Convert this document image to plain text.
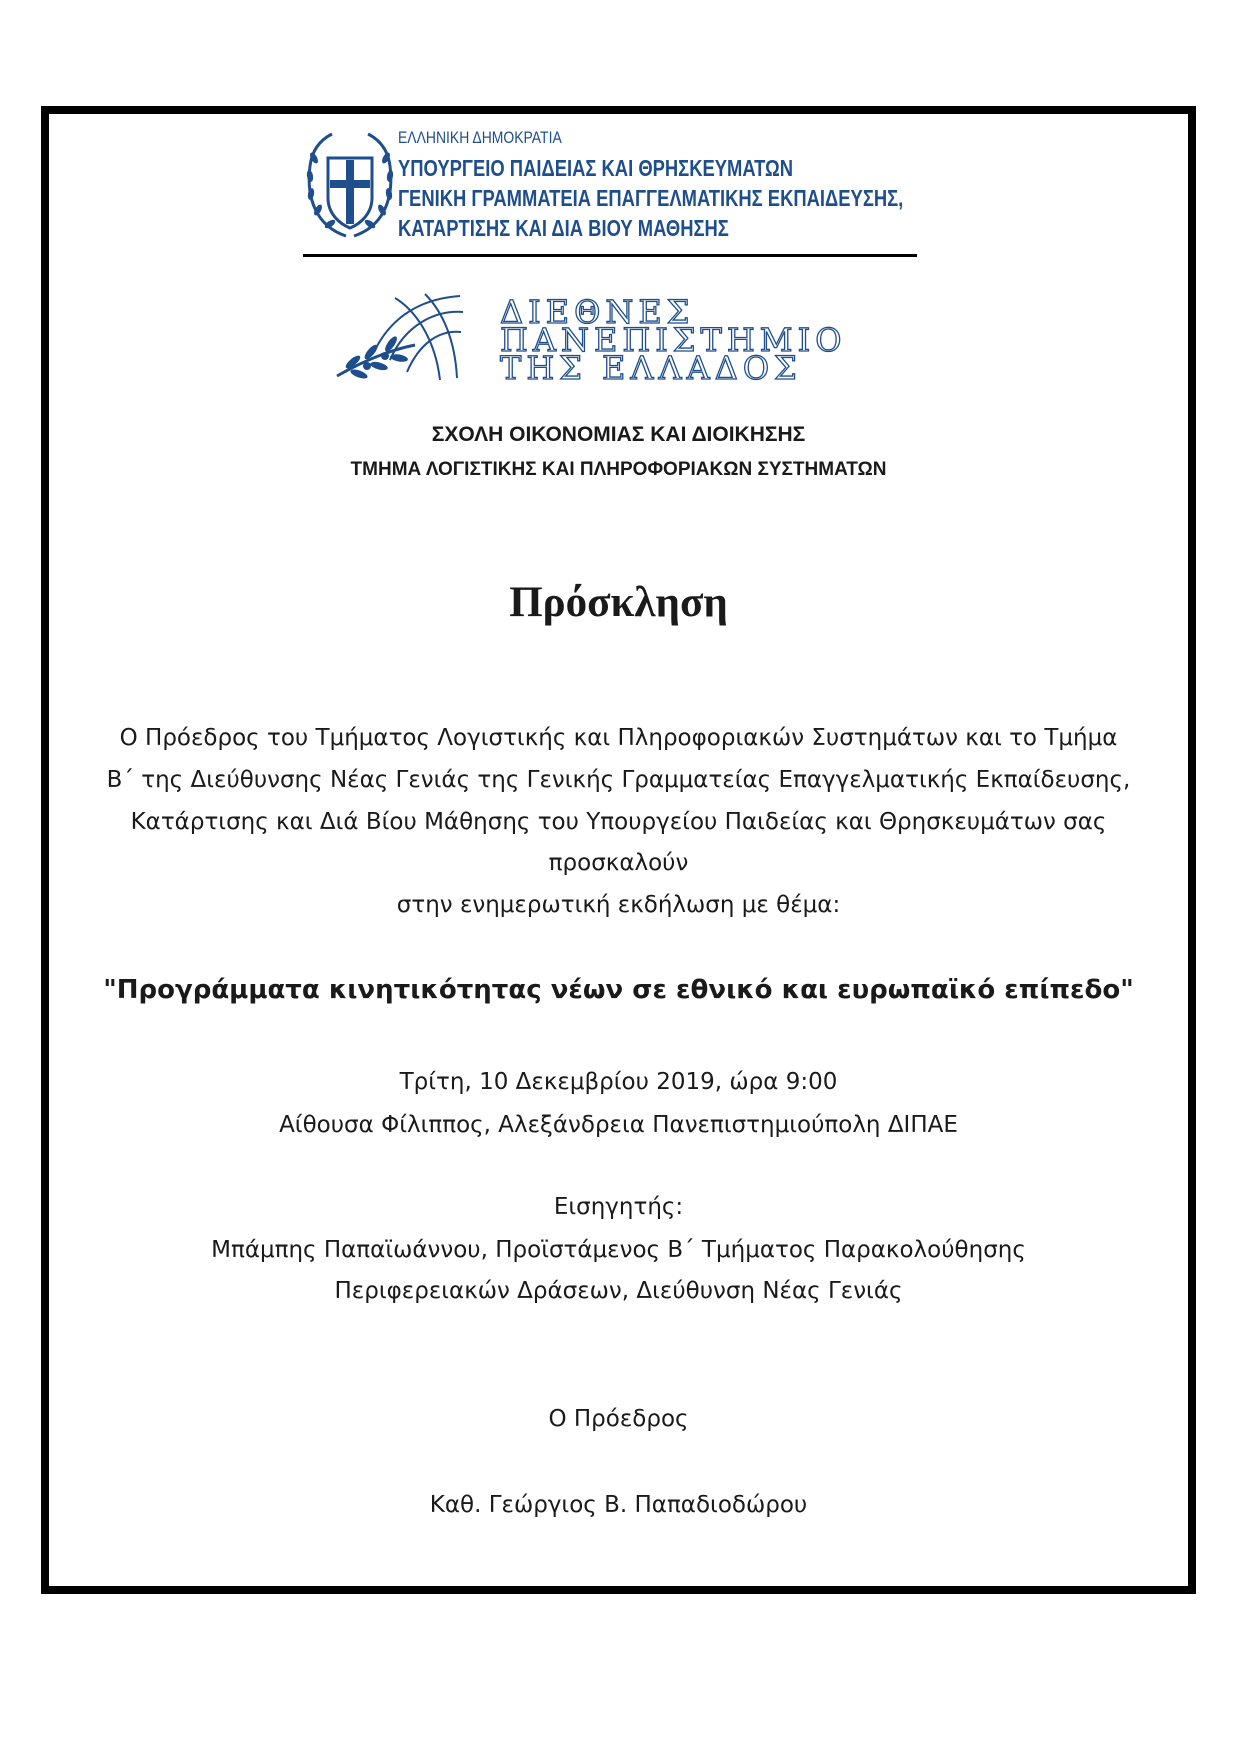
ΕΛΛΗΝΙΚΗ ΔΗΜΟΚΡΑΤΙΑ
ΥΠΟΥΡΓΕΙΟ ΠΑΙΔΕΙΑΣ ΚΑΙ ΘΡΗΣΚΕΥΜΑΤΩΝ
ΓΕΝΙΚΗ ΓΡΑΜΜΑΤΕΙΑ ΕΠΑΓΓΕΛΜΑΤΙΚΗΣ ΕΚΠΑΙΔΕΥΣΗΣ,
ΚΑΤΑΡΤΙΣΗΣ ΚΑΙ ΔΙΑ ΒΙΟΥ ΜΑΘΗΣΗΣ
ΔΙΕΘΝΕΣ
ΠΑΝΕΠΙΣΤΗΜΙΟ
ΤΗΣ ΕΛΛΑΔΟΣ
ΣΧΟΛΗ ΟΙΚΟΝΟΜΙΑΣ ΚΑΙ ΔΙΟΙΚΗΣΗΣ
ΤΜΗΜΑ ΛΟΓΙΣΤΙΚΗΣ ΚΑΙ ΠΛΗΡΟΦΟΡΙΑΚΩΝ ΣΥΣΤΗΜΑΤΩΝ
Πρόσκληση
Ο Πρόεδρος του Τμήματος Λογιστικής και Πληροφοριακών Συστημάτων και το Τμήμα
Β΄ της Διεύθυνσης Νέας Γενιάς της Γενικής Γραμματείας Επαγγελματικής Εκπαίδευσης,
Κατάρτισης και Διά Βίου Μάθησης του Υπουργείου Παιδείας και Θρησκευμάτων σας
προσκαλούν
στην ενημερωτική εκδήλωση με θέμα:
"Προγράμματα κινητικότητας νέων σε εθνικό και ευρωπαϊκό επίπεδο"
Τρίτη, 10 Δεκεμβρίου 2019, ώρα 9:00
Αίθουσα Φίλιππος, Αλεξάνδρεια Πανεπιστημιούπολη ΔΙΠΑΕ
Εισηγητής:
Μπάμπης Παπαϊωάννου, Προϊστάμενος Β΄ Τμήματος Παρακολούθησης
Περιφερειακών Δράσεων, Διεύθυνση Νέας Γενιάς
Ο Πρόεδρος
Καθ. Γεώργιος Β. Παπαδιοδώρου
